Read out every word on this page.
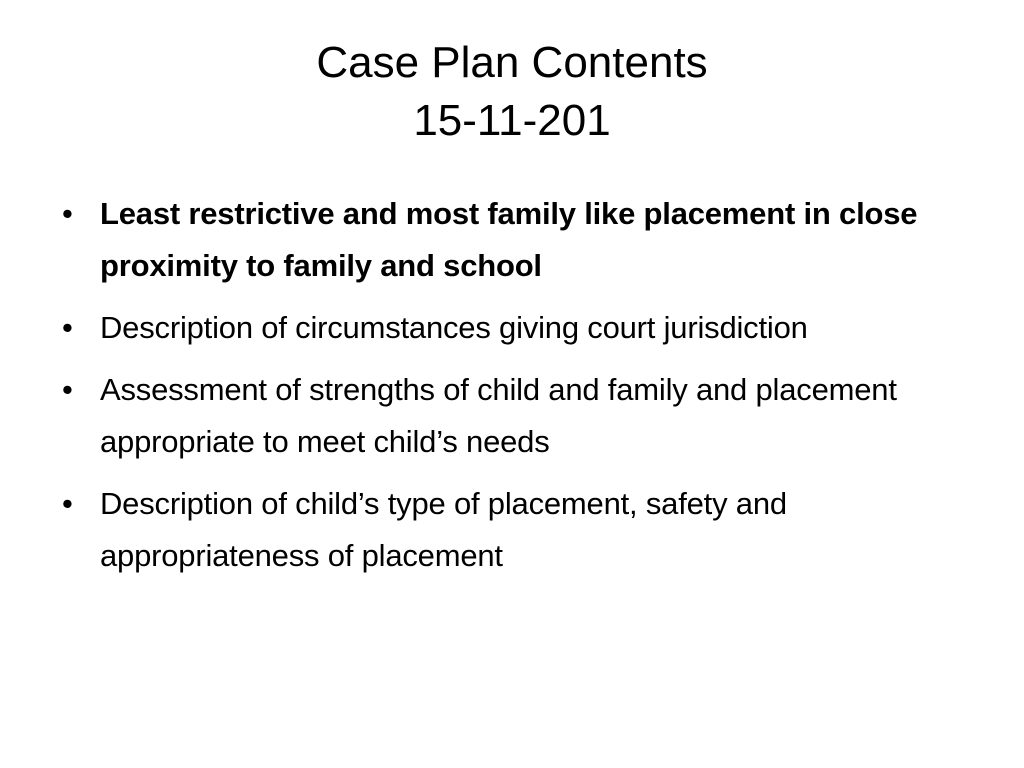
Case Plan Contents
15-11-201
• Least restrictive and most family like placement in close proximity to family and school
• Description of circumstances giving court jurisdiction
• Assessment of strengths of child and family and placement appropriate to meet child’s needs
• Description of child’s type of placement, safety and appropriateness of placement
